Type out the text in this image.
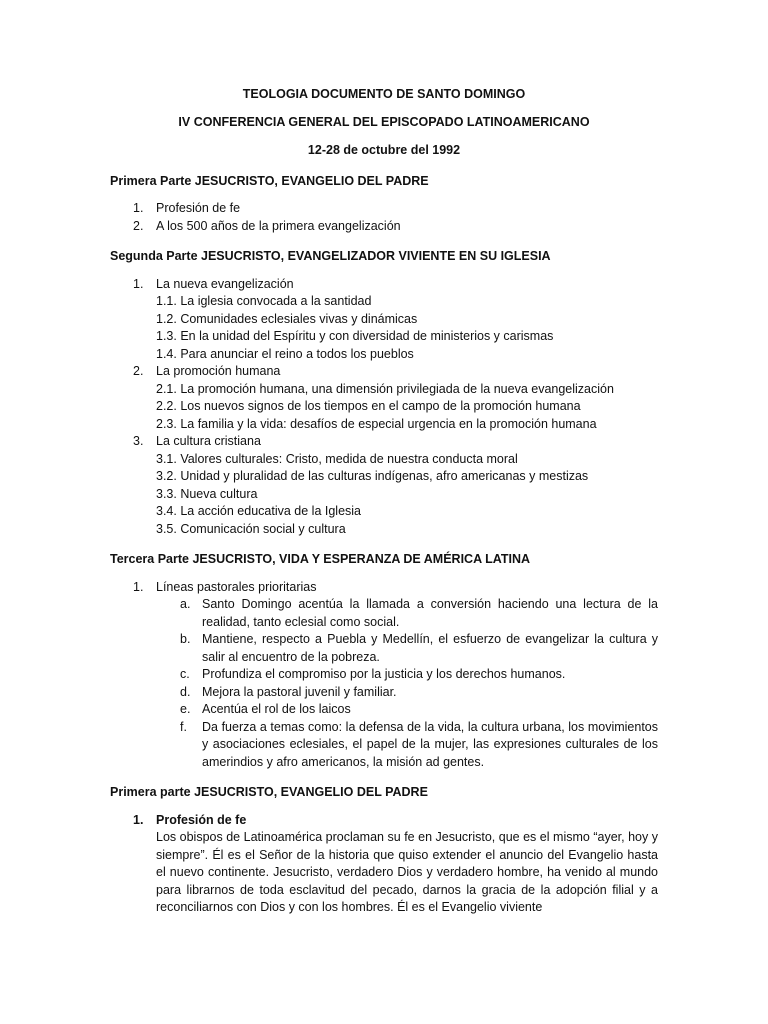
TEOLOGIA DOCUMENTO DE SANTO DOMINGO

IV CONFERENCIA GENERAL DEL EPISCOPADO LATINOAMERICANO

12-28 de octubre del 1992

Primera Parte JESUCRISTO, EVANGELIO DEL PADRE

1. Profesión de fe
2. A los 500 años de la primera evangelización

Segunda Parte JESUCRISTO, EVANGELIZADOR VIVIENTE EN SU IGLESIA

1. La nueva evangelización
1.1. La iglesia convocada a la santidad
1.2. Comunidades eclesiales vivas y dinámicas
1.3. En la unidad del Espíritu y con diversidad de ministerios y carismas
1.4. Para anunciar el reino a todos los pueblos
2. La promoción humana
2.1. La promoción humana, una dimensión privilegiada de la nueva evangelización
2.2. Los nuevos signos de los tiempos en el campo de la promoción humana
2.3. La familia y la vida: desafíos de especial urgencia en la promoción humana
3. La cultura cristiana
3.1. Valores culturales: Cristo, medida de nuestra conducta moral
3.2. Unidad y pluralidad de las culturas indígenas, afro americanas y mestizas
3.3. Nueva cultura
3.4. La acción educativa de la Iglesia
3.5. Comunicación social y cultura

Tercera Parte JESUCRISTO, VIDA Y ESPERANZA DE AMÉRICA LATINA

1. Líneas pastorales prioritarias
a. Santo Domingo acentúa la llamada a conversión haciendo una lectura de la realidad, tanto eclesial como social.
b. Mantiene, respecto a Puebla y Medellín, el esfuerzo de evangelizar la cultura y salir al encuentro de la pobreza.
c. Profundiza el compromiso por la justicia y los derechos humanos.
d. Mejora la pastoral juvenil y familiar.
e. Acentúa el rol de los laicos
f. Da fuerza a temas como: la defensa de la vida, la cultura urbana, los movimientos y asociaciones eclesiales, el papel de la mujer, las expresiones culturales de los amerindios y afro americanos, la misión ad gentes.

Primera parte JESUCRISTO, EVANGELIO DEL PADRE

1. Profesión de fe

Los obispos de Latinoamérica proclaman su fe en Jesucristo, que es el mismo “ayer, hoy y siempre”. Él es el Señor de la historia que quiso extender el anuncio del Evangelio hasta el nuevo continente. Jesucristo, verdadero Dios y verdadero hombre, ha venido al mundo para librarnos de toda esclavitud del pecado, darnos la gracia de la adopción filial y a reconciliarnos con Dios y con los hombres. Él es el Evangelio viviente
